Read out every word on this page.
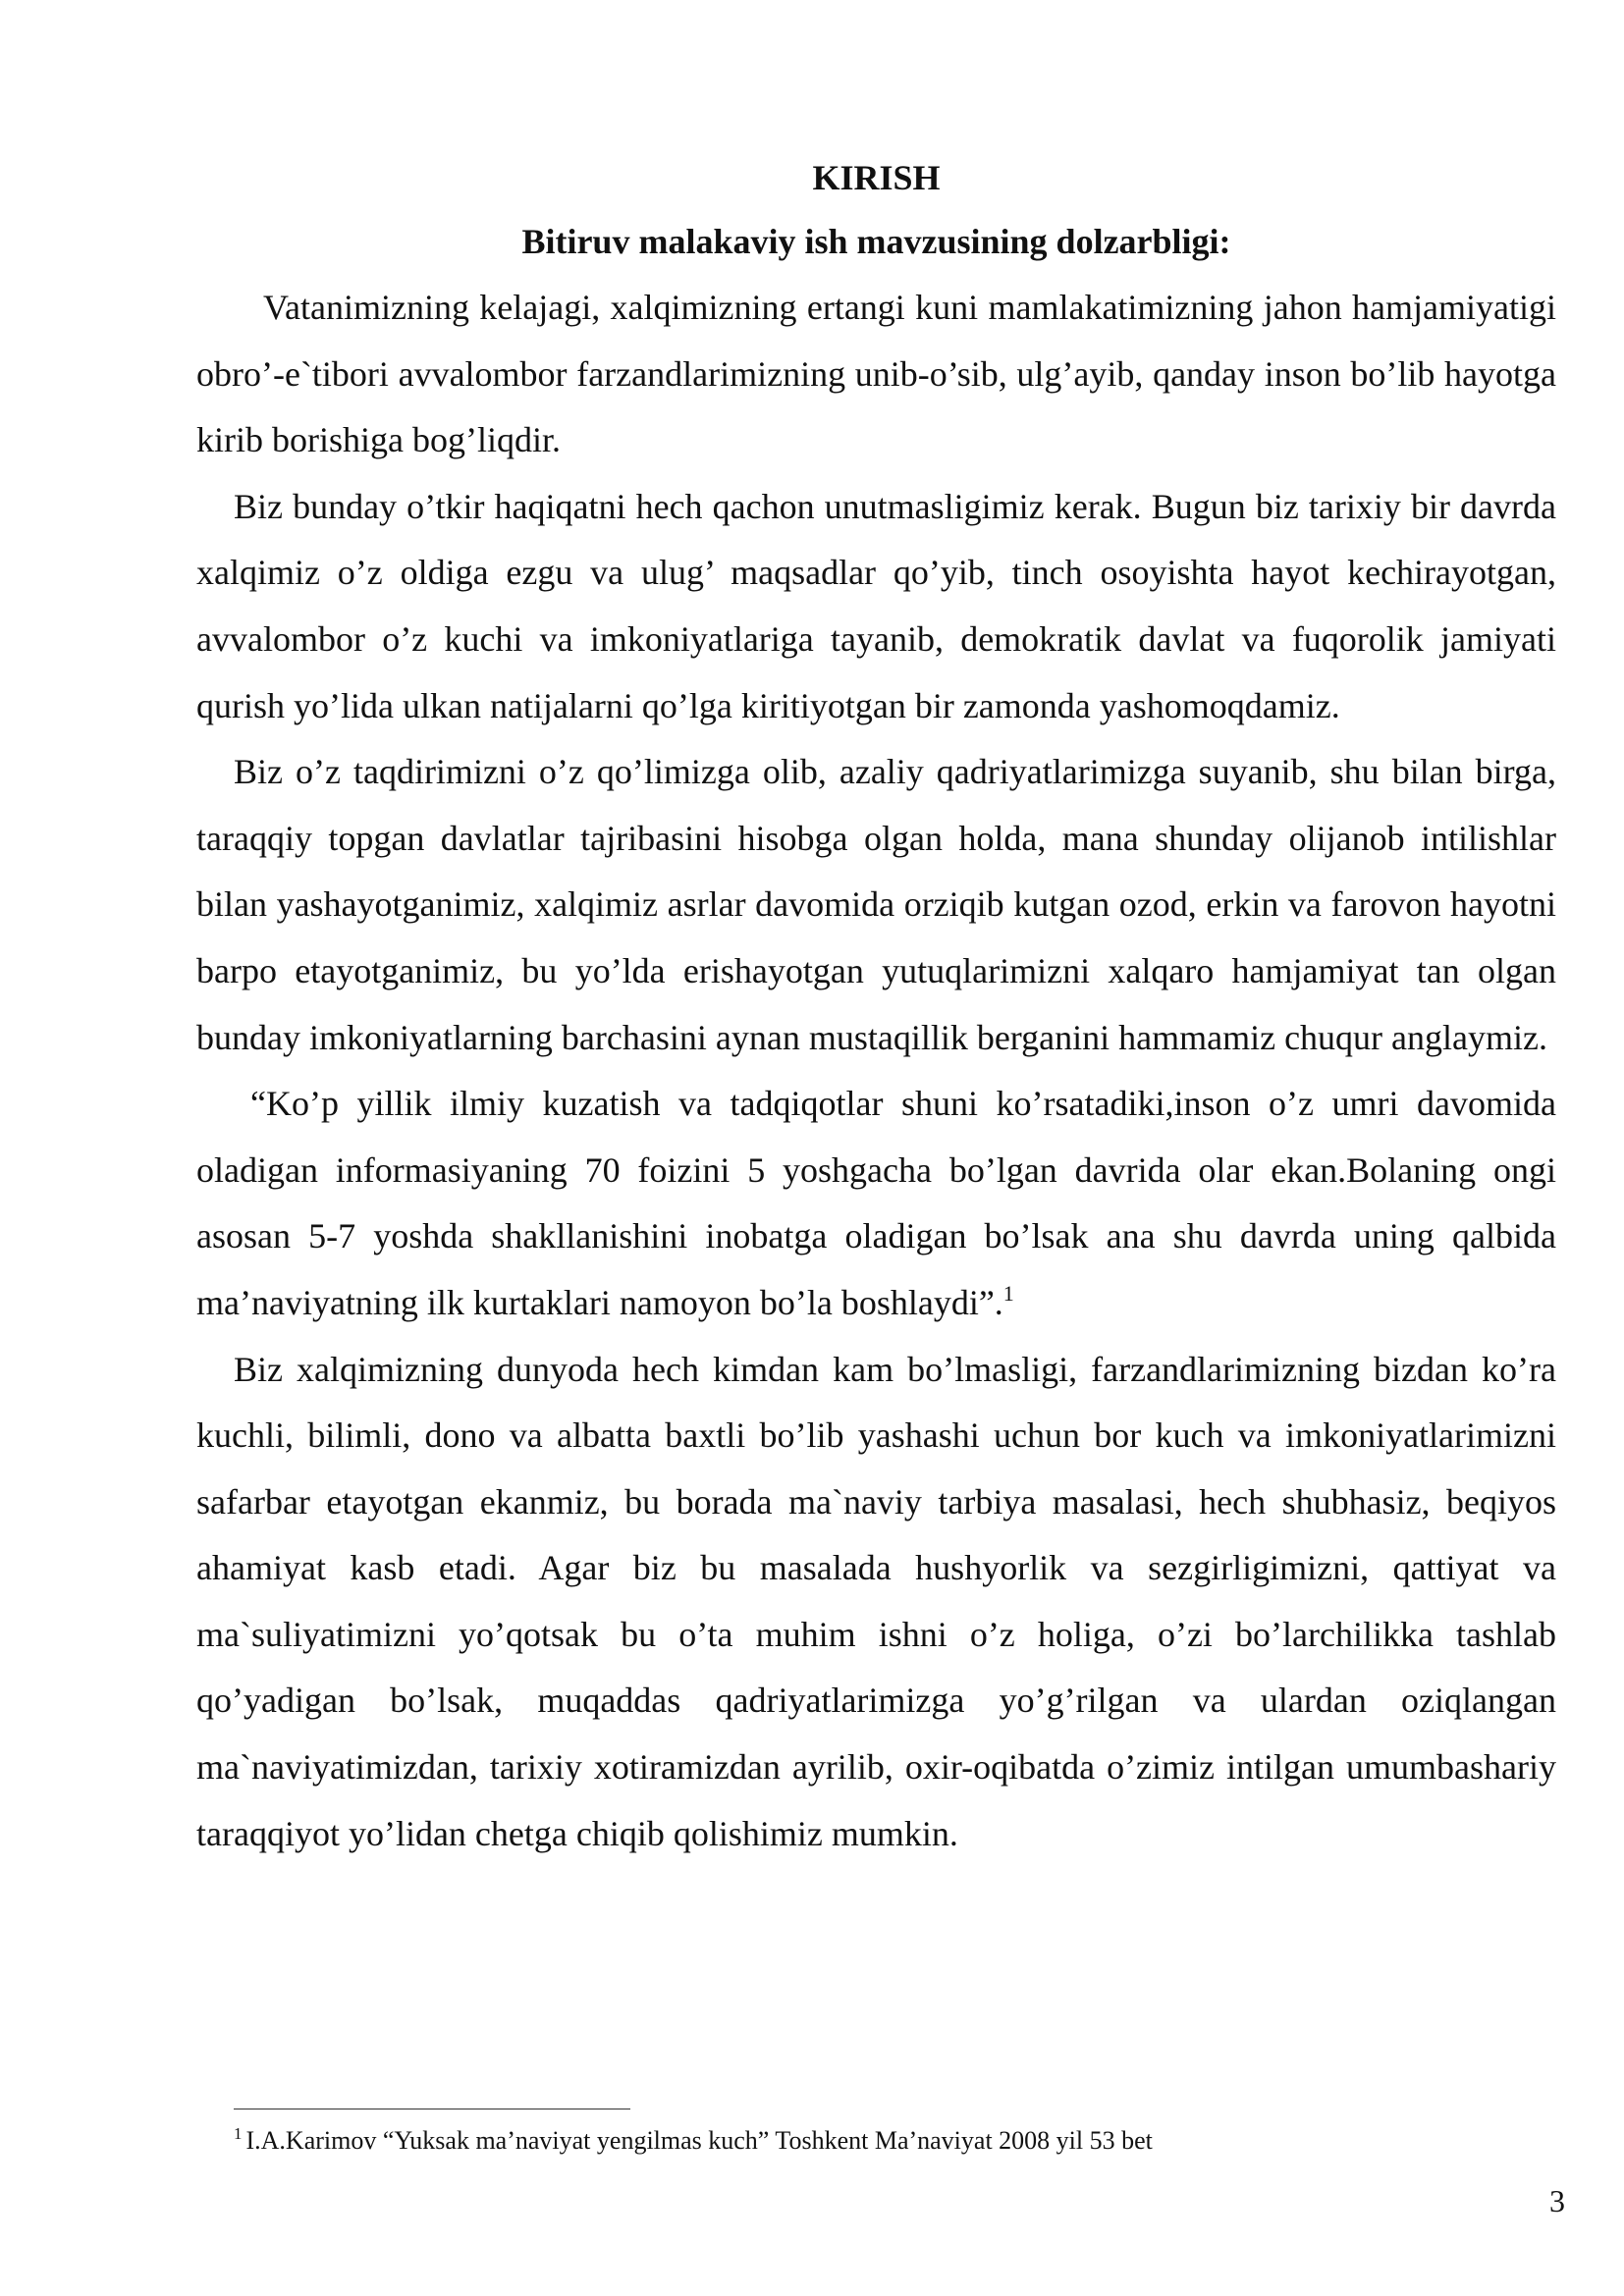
KIRISH

Bitiruv malakaviy ish mavzusining dolzarbligi:

Vatanimizning kelajagi, xalqimizning ertangi kuni mamlakatimizning jahon hamjamiyatigi obro’-e`tibori avvalombor farzandlarimizning unib-o’sib, ulg’ayib, qanday inson bo’lib hayotga kirib borishiga bog’liqdir.

Biz bunday o’tkir haqiqatni hech qachon unutmasligimiz kerak. Bugun biz tarixiy bir davrda xalqimiz o’z oldiga ezgu va ulug’ maqsadlar qo’yib, tinch osoyishta hayot kechirayotgan, avvalombor o’z kuchi va imkoniyatlariga tayanib, demokratik davlat va fuqorolik jamiyati qurish yo’lida ulkan natijalarni qo’lga kiritiyotgan bir zamonda yashomoqdamiz.

Biz o’z taqdirimizni o’z qo’limizga olib, azaliy qadriyatlarimizga suyanib, shu bilan birga, taraqqiy topgan davlatlar tajribasini hisobga olgan holda, mana shunday olijanob intilishlar bilan yashayotganimiz, xalqimiz asrlar davomida orziqib kutgan ozod, erkin va farovon hayotni barpo etayotganimiz, bu yo’lda erishayotgan yutuqlarimizni xalqaro hamjamiyat tan olgan bunday imkoniyatlarning barchasini aynan mustaqillik berganini hammamiz chuqur anglaymiz.

“Ko’p yillik ilmiy kuzatish va tadqiqotlar shuni ko’rsatadiki,inson o’z umri davomida oladigan informasiyaning 70 foizini 5 yoshgacha bo’lgan davrida olar ekan.Bolaning ongi asosan 5-7 yoshda shakllanishini inobatga oladigan bo’lsak ana shu davrda uning qalbida ma’naviyatning ilk kurtaklari namoyon bo’la boshlaydi”.$^1$

Biz xalqimizning dunyoda hech kimdan kam bo’lmasligi, farzandlarimizning bizdan ko’ra kuchli, bilimli, dono va albatta baxtli bo’lib yashashi uchun bor kuch va imkoniyatlarimizni safarbar etayotgan ekanmiz, bu borada ma`naviy tarbiya masalasi, hech shubhasiz, beqiyos ahamiyat kasb etadi. Agar biz bu masalada hushyorlik va sezgirligimizni, qattiyat va ma`suliyatimizni yo’qotsak bu o’ta muhim ishni o’z holiga, o’zi bo’larchilikka tashlab qo’yadigan bo’lsak, muqaddas qadriyatlarimizga yo’g’rilgan va ulardan oziqlangan ma`naviyatimizdan, tarixiy xotiramizdan ayrilib, oxir-oqibatda o’zimiz intilgan umumbashariy taraqqiyot yo’lidan chetga chiqib qolishimiz mumkin.

$^1$ I.A.Karimov “Yuksak ma’naviyat yengilmas kuch” Toshkent Ma’naviyat 2008 yil 53 bet
3
